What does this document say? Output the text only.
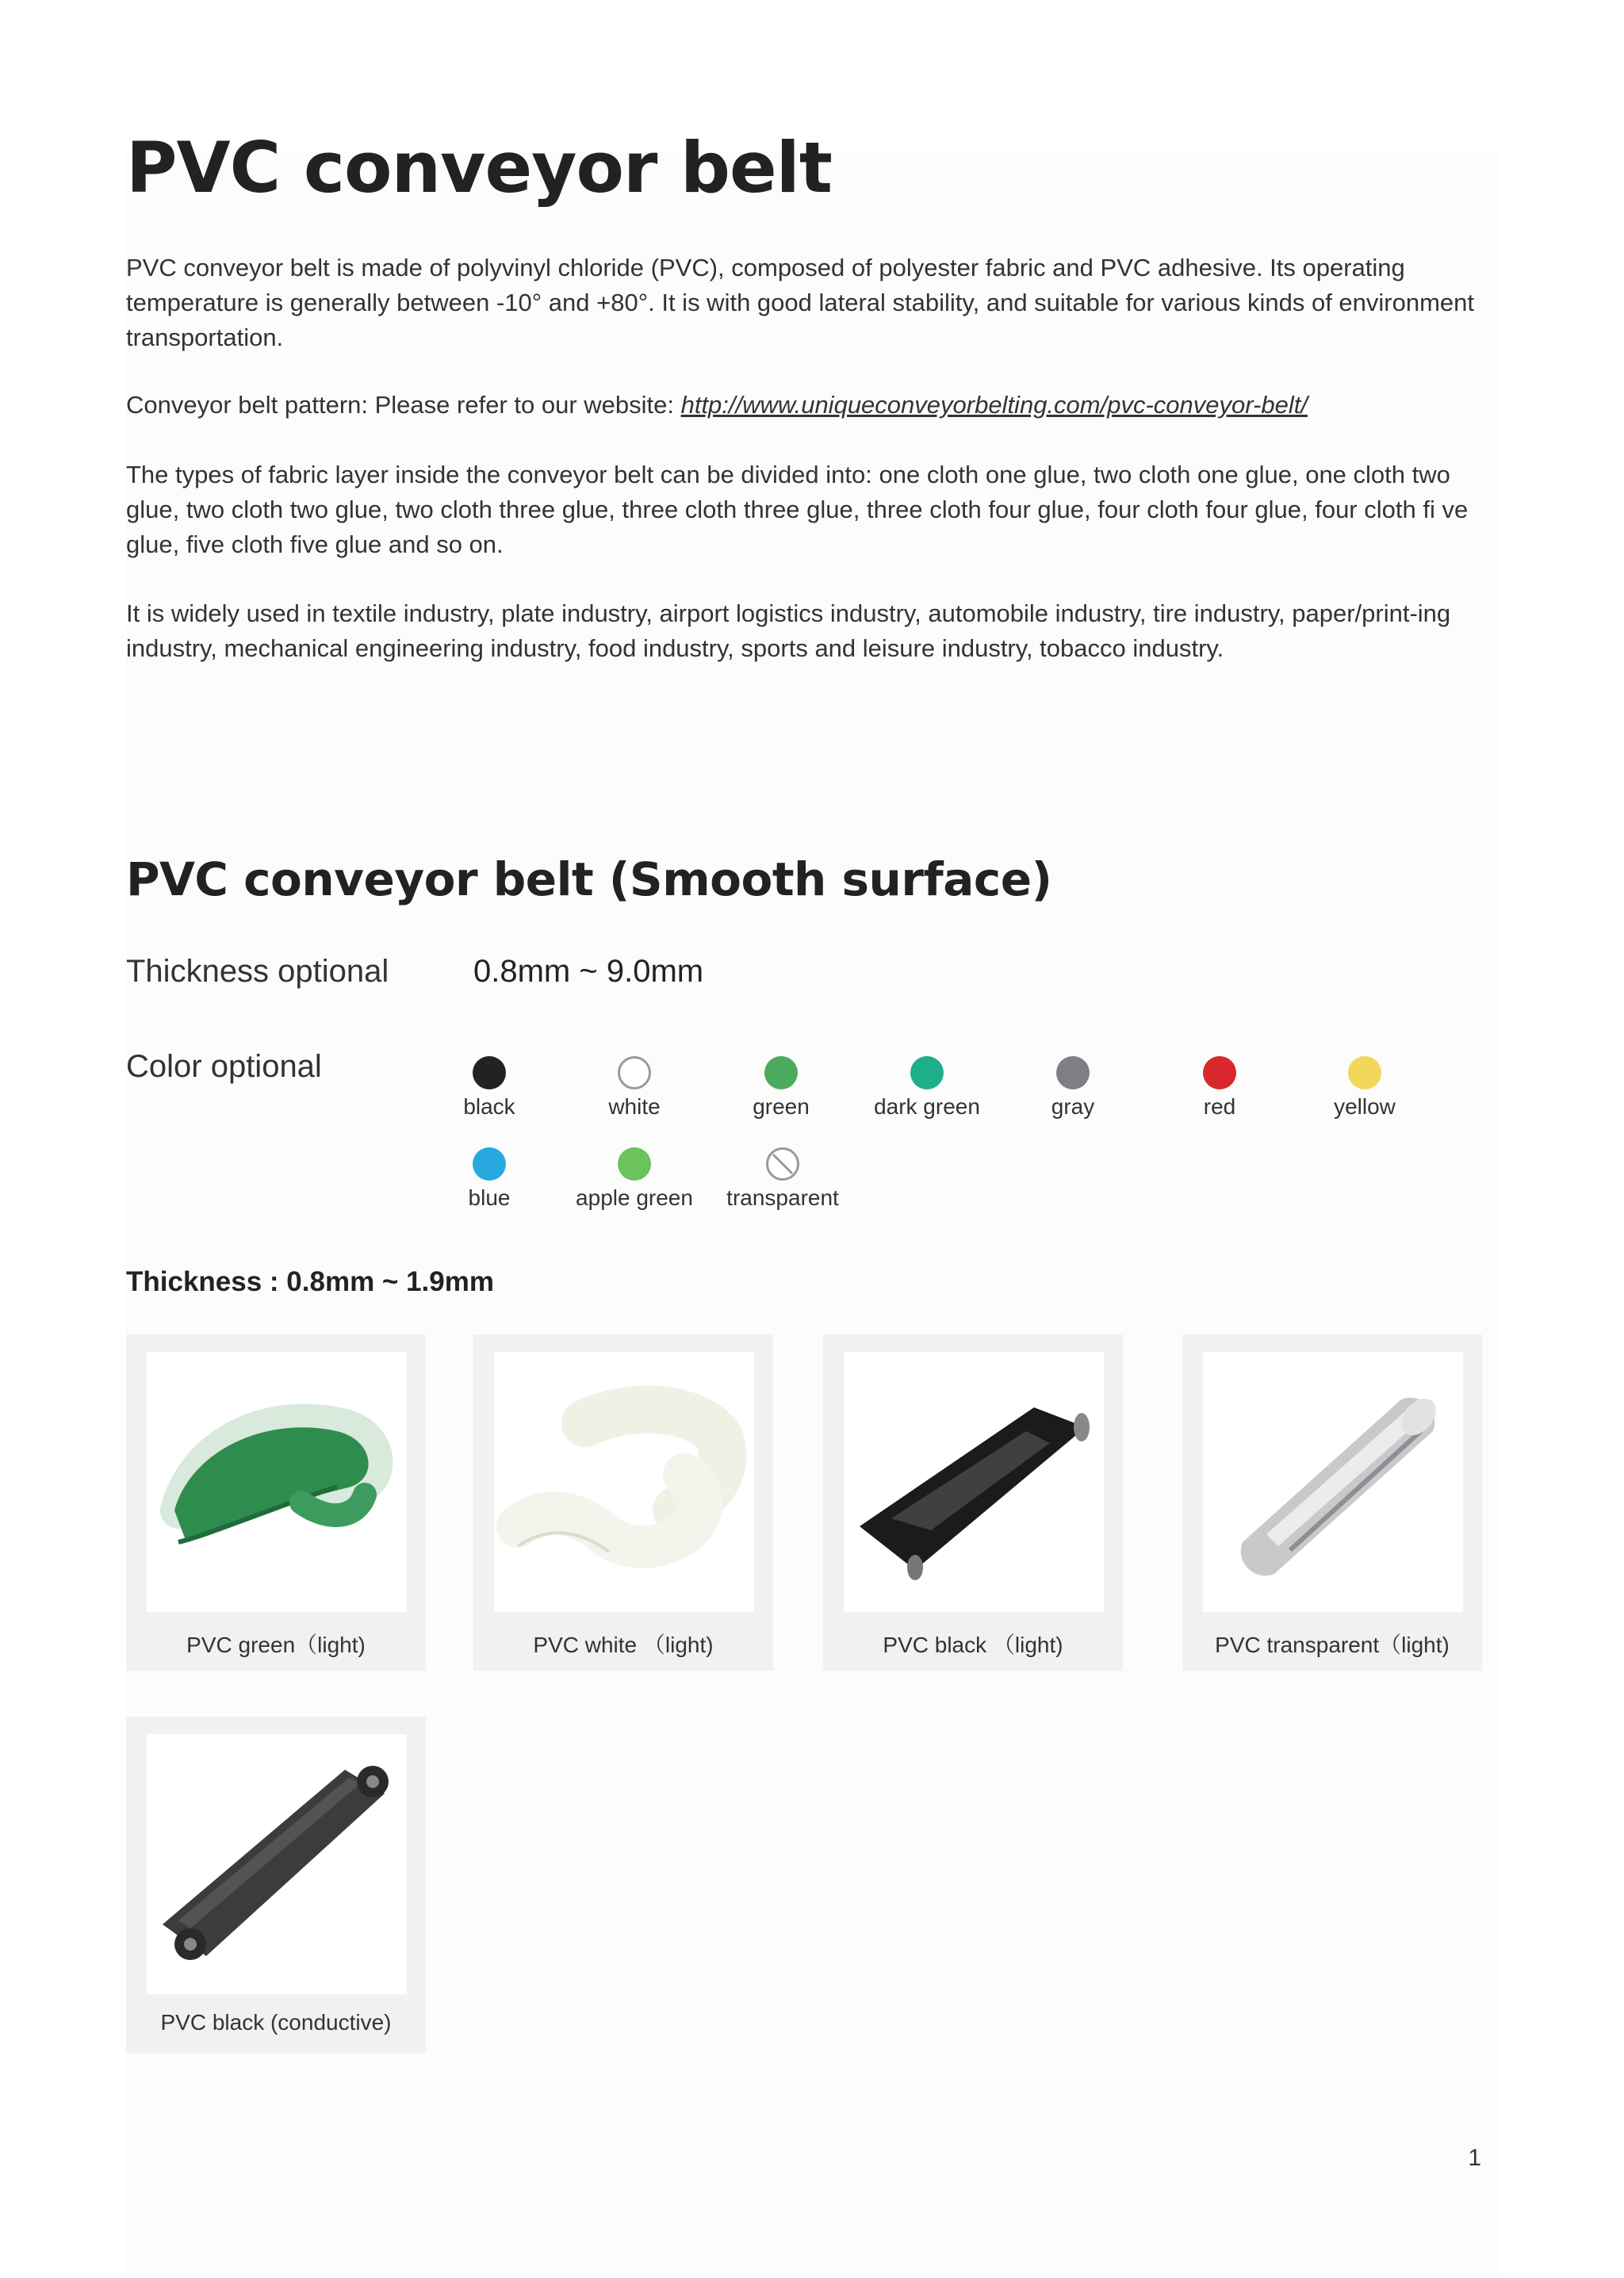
PVC conveyor belt

PVC conveyor belt is made of polyvinyl chloride (PVC), composed of polyester fabric and PVC adhesive. Its operating temperature is generally between -10° and +80°. It is with good lateral stability, and suitable for various kinds of environment transportation.

Conveyor belt pattern: Please refer to our website: http://www.uniqueconveyorbelting.com/pvc-conveyor-belt/

The types of fabric layer inside the conveyor belt can be divided into: one cloth one glue, two cloth one glue, one cloth two glue, two cloth two glue, two cloth three glue, three cloth three glue, three cloth four glue, four cloth four glue, four cloth fi ve glue, five cloth five glue and so on.

It is widely used in textile industry, plate industry, airport logistics industry, automobile industry, tire industry, paper/print-ing industry, mechanical engineering industry, food industry, sports and leisure industry, tobacco industry.

PVC conveyor belt (Smooth surface)
Thickness optional	0.8mm ~ 9.0mm
Color optional
black	white	green	dark green	gray	red	yellow
blue	apple green	transparent
Thickness : 0.8mm ~ 1.9mm
PVC green（light)	PVC white （light)	PVC black （light)	PVC transparent（light)
PVC black (conductive)
1
